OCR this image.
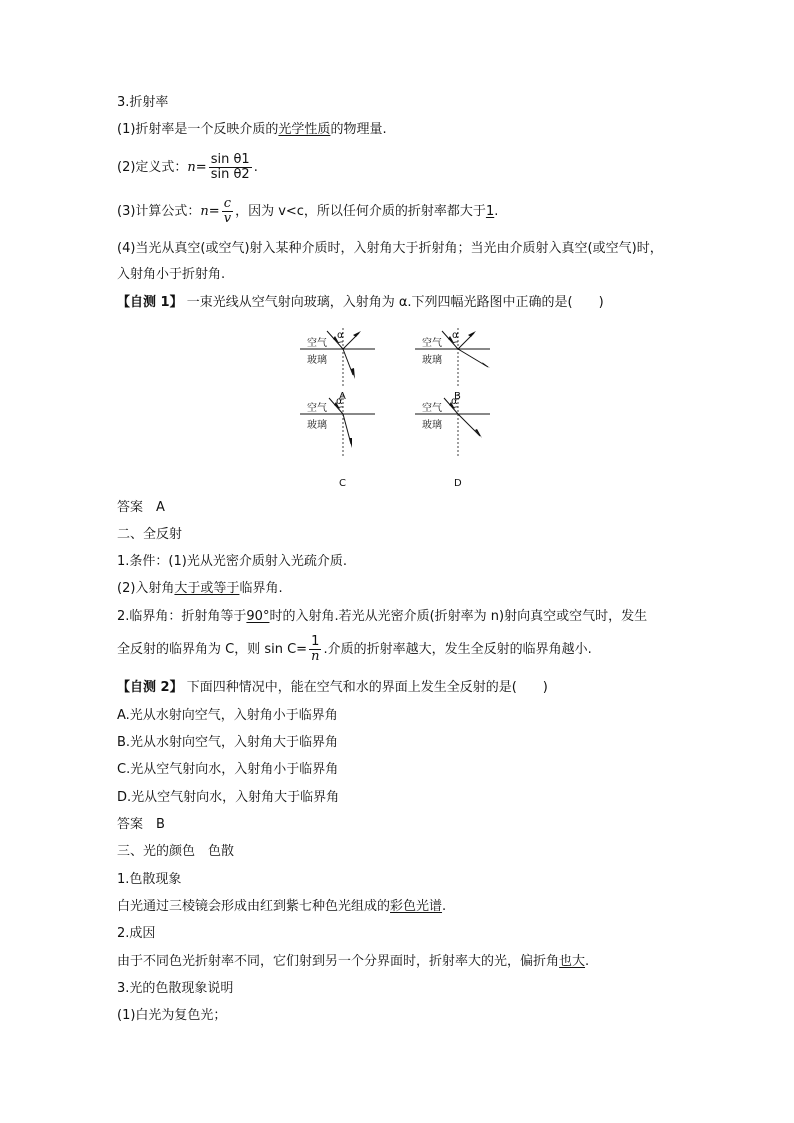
3.折射率
(1)折射率是一个反映介质的光学性质的物理量.
(2)定义式：$n= \frac{\text{sin θ1}}{\text{sin θ2}}$ .
(3)计算公式：$n= \frac{c}{v}$ ，因为 v<c，所以任何介质的折射率都大于1.
(4)当光从真空(或空气)射入某种介质时，入射角大于折射角；当光由介质射入真空(或空气)时，
入射角小于折射角.
【自测 1】 一束光线从空气射向玻璃，入射角为 α.下列四幅光路图中正确的是(　　)
α
空气
玻璃
A
α
空气
玻璃
B
α
空气
玻璃
C
α
空气
玻璃
D
答案　A
二、全反射
1.条件：(1)光从光密介质射入光疏介质.
(2)入射角大于或等于临界角.
2.临界角：折射角等于90°时的入射角.若光从光密介质(折射率为 n)射向真空或空气时，发生
全反射的临界角为 C，则 $\sin C= \frac{1}{n}$ .介质的折射率越大，发生全反射的临界角越小.
【自测 2】 下面四种情况中，能在空气和水的界面上发生全反射的是(　　)
A.光从水射向空气，入射角小于临界角
B.光从水射向空气，入射角大于临界角
C.光从空气射向水，入射角小于临界角
D.光从空气射向水，入射角大于临界角
答案　B
三、光的颜色　色散
1.色散现象
白光通过三棱镜会形成由红到紫七种色光组成的彩色光谱.
2.成因
由于不同色光折射率不同，它们射到另一个分界面时，折射率大的光，偏折角也大.
3.光的色散现象说明
(1)白光为复色光；
